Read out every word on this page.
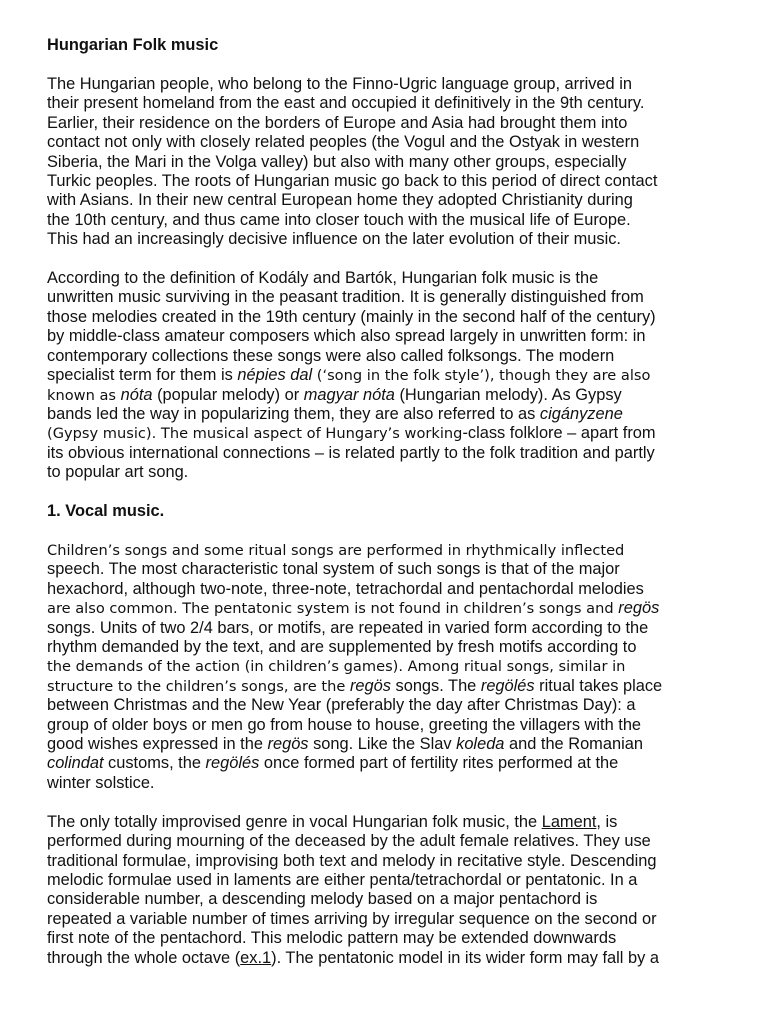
Hungarian Folk music
The Hungarian people, who belong to the Finno-Ugric language group, arrived in
their present homeland from the east and occupied it definitively in the 9th century.
Earlier, their residence on the borders of Europe and Asia had brought them into
contact not only with closely related peoples (the Vogul and the Ostyak in western
Siberia, the Mari in the Volga valley) but also with many other groups, especially
Turkic peoples. The roots of Hungarian music go back to this period of direct contact
with Asians. In their new central European home they adopted Christianity during
the 10th century, and thus came into closer touch with the musical life of Europe.
This had an increasingly decisive influence on the later evolution of their music.
According to the definition of Kodály and Bartók, Hungarian folk music is the
unwritten music surviving in the peasant tradition. It is generally distinguished from
those melodies created in the 19th century (mainly in the second half of the century)
by middle-class amateur composers which also spread largely in unwritten form: in
contemporary collections these songs were also called folksongs. The modern
specialist term for them is népies dal (‘song in the folk style’), though they are also
known as nóta (popular melody) or magyar nóta (Hungarian melody). As Gypsy
bands led the way in popularizing them, they are also referred to as cigányzene
(Gypsy music). The musical aspect of Hungary’s working-class folklore – apart from
its obvious international connections – is related partly to the folk tradition and partly
to popular art song.
1. Vocal music.
Children’s songs and some ritual songs are performed in rhythmically inflected
speech. The most characteristic tonal system of such songs is that of the major
hexachord, although two-note, three-note, tetrachordal and pentachordal melodies
are also common. The pentatonic system is not found in children’s songs and regös
songs. Units of two 2/4 bars, or motifs, are repeated in varied form according to the
rhythm demanded by the text, and are supplemented by fresh motifs according to
the demands of the action (in children’s games). Among ritual songs, similar in
structure to the children’s songs, are the regös songs. The regölés ritual takes place
between Christmas and the New Year (preferably the day after Christmas Day): a
group of older boys or men go from house to house, greeting the villagers with the
good wishes expressed in the regös song. Like the Slav koleda and the Romanian
colindat customs, the regölés once formed part of fertility rites performed at the
winter solstice.
The only totally improvised genre in vocal Hungarian folk music, the Lament, is
performed during mourning of the deceased by the adult female relatives. They use
traditional formulae, improvising both text and melody in recitative style. Descending
melodic formulae used in laments are either penta/tetrachordal or pentatonic. In a
considerable number, a descending melody based on a major pentachord is
repeated a variable number of times arriving by irregular sequence on the second or
first note of the pentachord. This melodic pattern may be extended downwards
through the whole octave (ex.1). The pentatonic model in its wider form may fall by a
